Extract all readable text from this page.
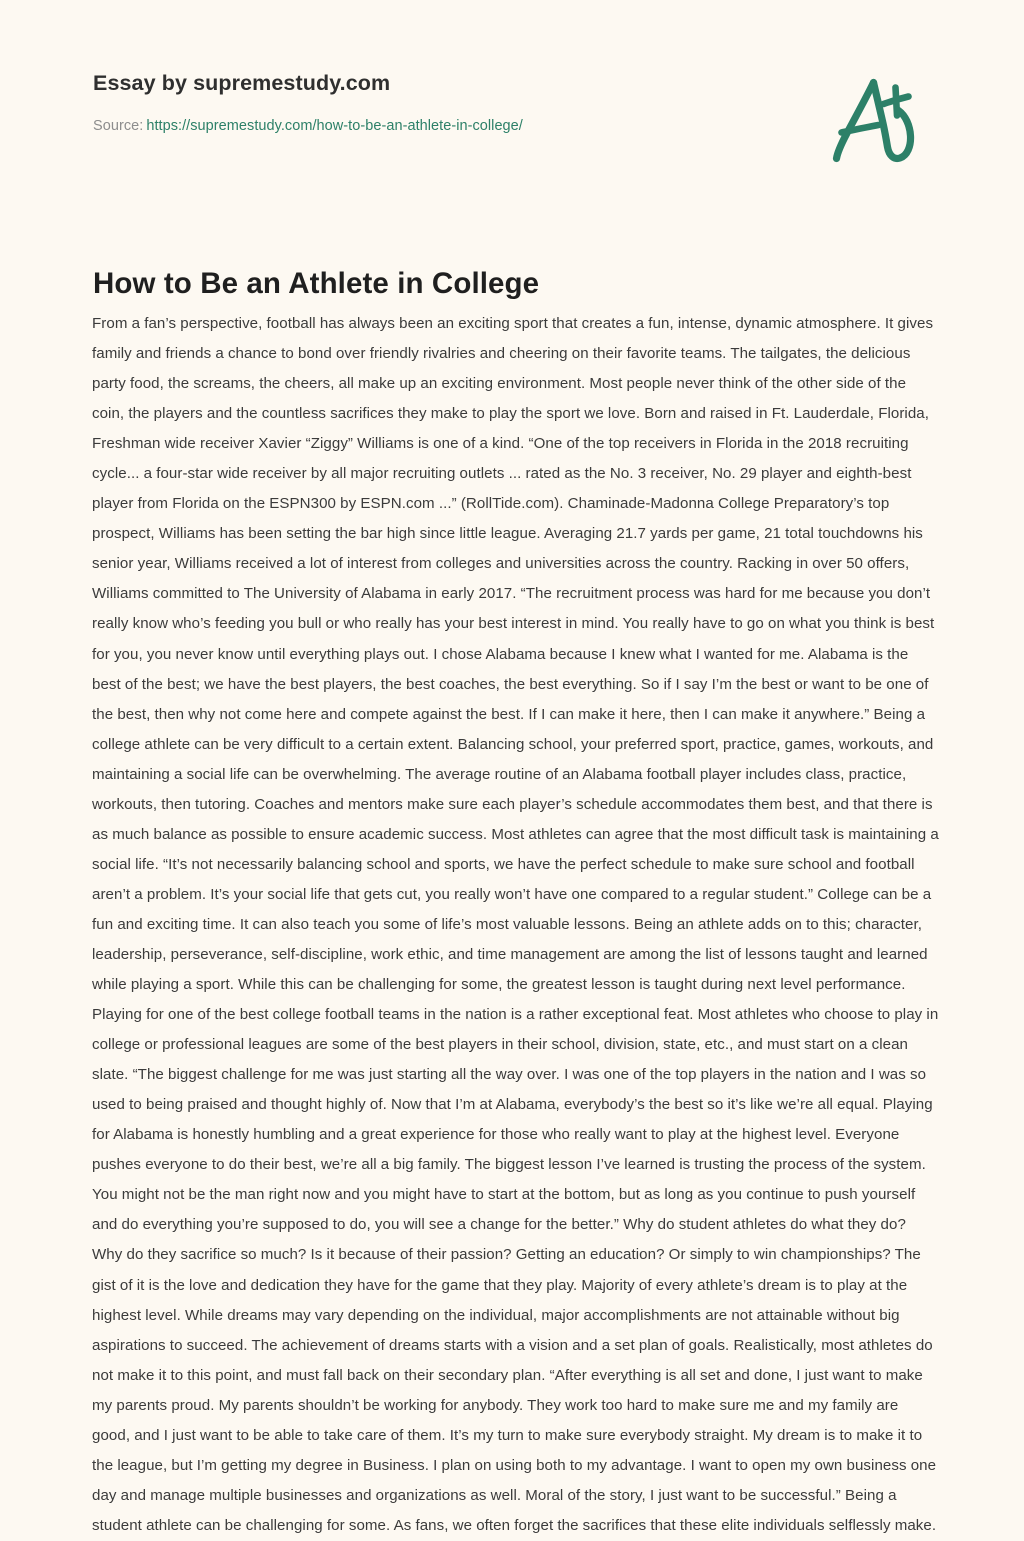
Essay by supremestudy.com
Source: https://supremestudy.com/how-to-be-an-athlete-in-college/
How to Be an Athlete in College
From a fan’s perspective, football has always been an exciting sport that creates a fun, intense, dynamic atmosphere. It gives family and friends a chance to bond over friendly rivalries and cheering on their favorite teams. The tailgates, the delicious party food, the screams, the cheers, all make up an exciting environment. Most people never think of the other side of the coin, the players and the countless sacrifices they make to play the sport we love. Born and raised in Ft. Lauderdale, Florida, Freshman wide receiver Xavier “Ziggy” Williams is one of a kind. “One of the top receivers in Florida in the 2018 recruiting cycle... a four-star wide receiver by all major recruiting outlets ... rated as the No. 3 receiver, No. 29 player and eighth-best player from Florida on the ESPN300 by ESPN.com ...” (RollTide.com). Chaminade-Madonna College Preparatory’s top prospect, Williams has been setting the bar high since little league. Averaging 21.7 yards per game, 21 total touchdowns his senior year, Williams received a lot of interest from colleges and universities across the country. Racking in over 50 offers, Williams committed to The University of Alabama in early 2017. “The recruitment process was hard for me because you don’t really know who’s feeding you bull or who really has your best interest in mind. You really have to go on what you think is best for you, you never know until everything plays out. I chose Alabama because I knew what I wanted for me. Alabama is the best of the best; we have the best players, the best coaches, the best everything. So if I say I’m the best or want to be one of the best, then why not come here and compete against the best. If I can make it here, then I can make it anywhere.” Being a college athlete can be very difficult to a certain extent. Balancing school, your preferred sport, practice, games, workouts, and maintaining a social life can be overwhelming. The average routine of an Alabama football player includes class, practice, workouts, then tutoring. Coaches and mentors make sure each player’s schedule accommodates them best, and that there is as much balance as possible to ensure academic success. Most athletes can agree that the most difficult task is maintaining a social life. “It’s not necessarily balancing school and sports, we have the perfect schedule to make sure school and football aren’t a problem. It’s your social life that gets cut, you really won’t have one compared to a regular student.” College can be a fun and exciting time. It can also teach you some of life’s most valuable lessons. Being an athlete adds on to this; character, leadership, perseverance, self-discipline, work ethic, and time management are among the list of lessons taught and learned while playing a sport. While this can be challenging for some, the greatest lesson is taught during next level performance. Playing for one of the best college football teams in the nation is a rather exceptional feat. Most athletes who choose to play in college or professional leagues are some of the best players in their school, division, state, etc., and must start on a clean slate. “The biggest challenge for me was just starting all the way over. I was one of the top players in the nation and I was so used to being praised and thought highly of. Now that I’m at Alabama, everybody’s the best so it’s like we’re all equal. Playing for Alabama is honestly humbling and a great experience for those who really want to play at the highest level. Everyone pushes everyone to do their best, we’re all a big family. The biggest lesson I’ve learned is trusting the process of the system. You might not be the man right now and you might have to start at the bottom, but as long as you continue to push yourself and do everything you’re supposed to do, you will see a change for the better.” Why do student athletes do what they do? Why do they sacrifice so much? Is it because of their passion? Getting an education? Or simply to win championships? The gist of it is the love and dedication they have for the game that they play. Majority of every athlete’s dream is to play at the highest level. While dreams may vary depending on the individual, major accomplishments are not attainable without big aspirations to succeed. The achievement of dreams starts with a vision and a set plan of goals. Realistically, most athletes do not make it to this point, and must fall back on their secondary plan. “After everything is all set and done, I just want to make my parents proud. My parents shouldn’t be working for anybody. They work too hard to make sure me and my family are good, and I just want to be able to take care of them. It’s my turn to make sure everybody straight. My dream is to make it to the league, but I’m getting my degree in Business. I plan on using both to my advantage. I want to open my own business one day and manage multiple businesses and organizations as well. Moral of the story, I just want to be successful.” Being a student athlete can be challenging for some. As fans, we often forget the sacrifices that these elite individuals selflessly make.
